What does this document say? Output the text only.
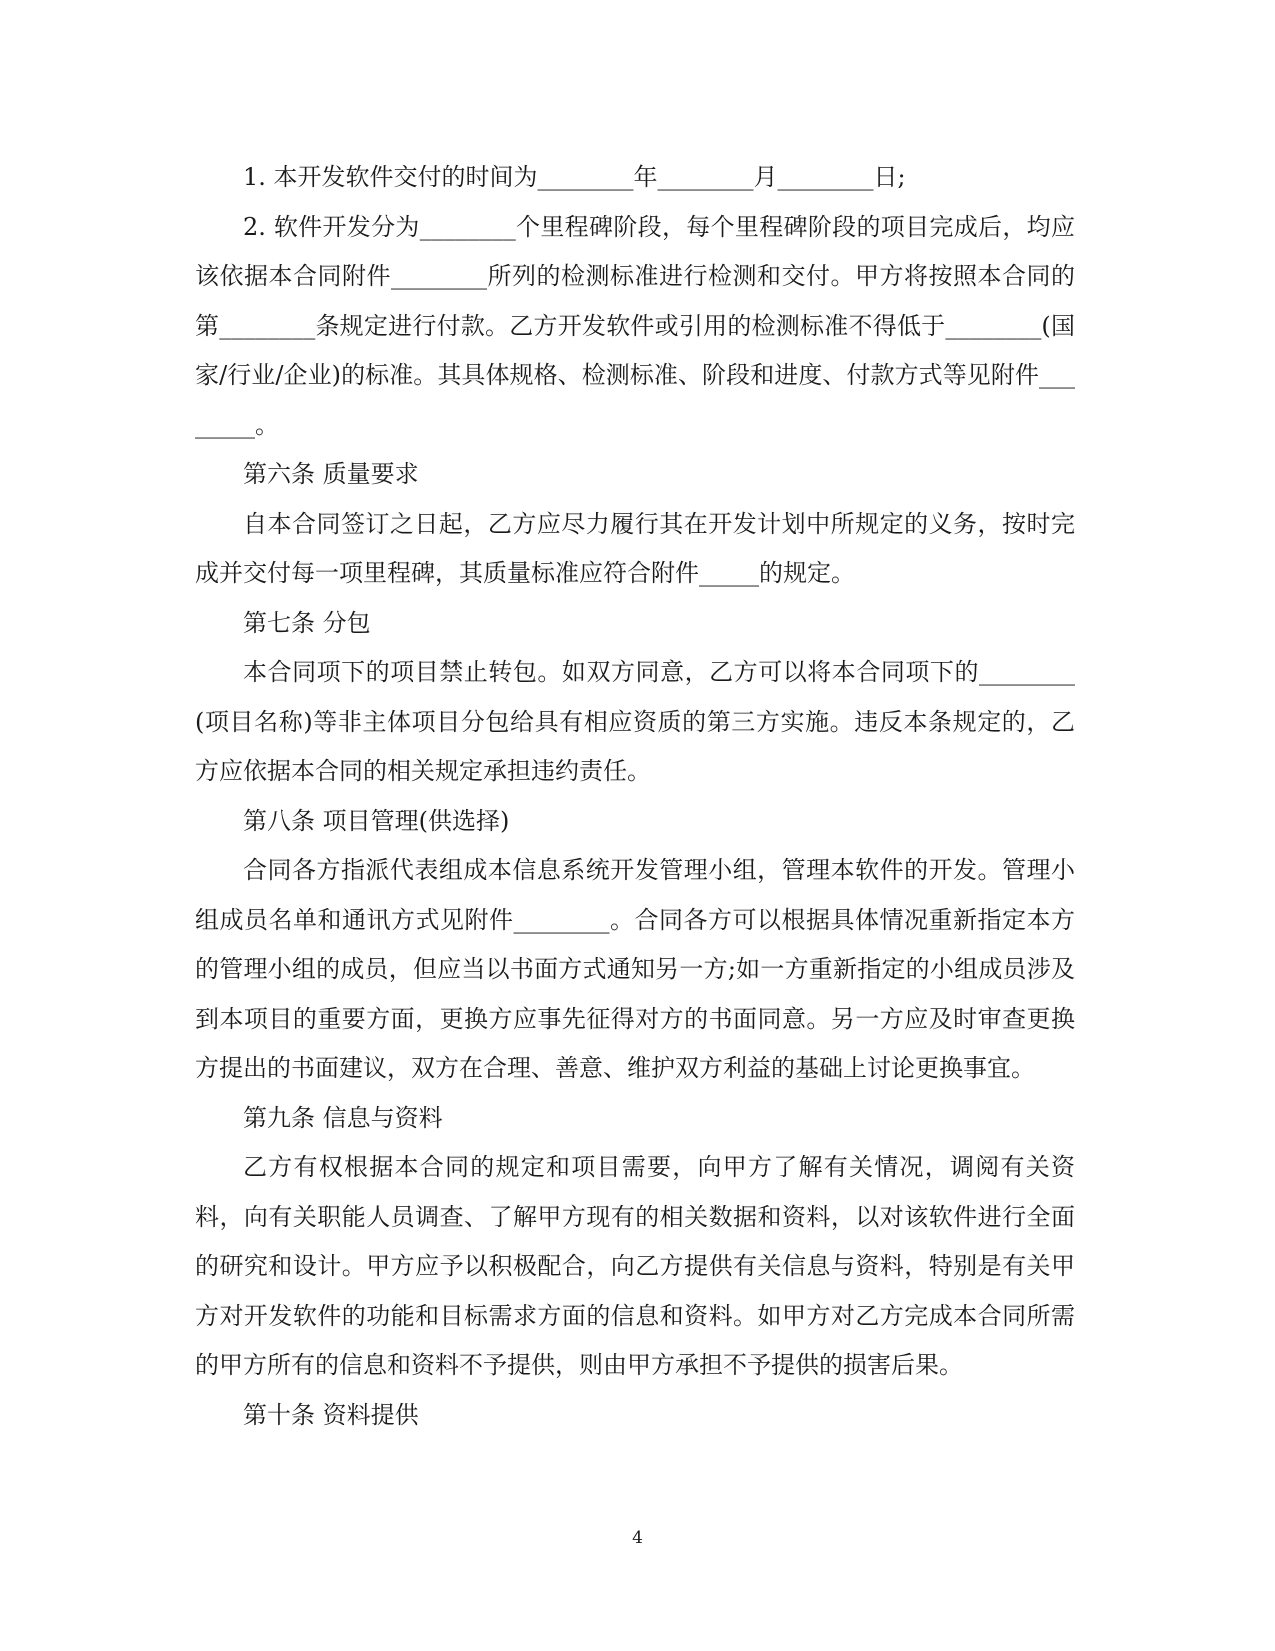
1. 本开发软件交付的时间为________年________月________日;

2. 软件开发分为________个里程碑阶段，每个里程碑阶段的项目完成后，均应该依据本合同附件________所列的检测标准进行检测和交付。甲方将按照本合同的第________条规定进行付款。乙方开发软件或引用的检测标准不得低于________(国家/行业/企业)的标准。其具体规格、检测标准、阶段和进度、付款方式等见附件________。

第六条 质量要求

自本合同签订之日起，乙方应尽力履行其在开发计划中所规定的义务，按时完成并交付每一项里程碑，其质量标准应符合附件_____的规定。

第七条 分包

本合同项下的项目禁止转包。如双方同意，乙方可以将本合同项下的________(项目名称)等非主体项目分包给具有相应资质的第三方实施。违反本条规定的，乙方应依据本合同的相关规定承担违约责任。

第八条 项目管理(供选择)

合同各方指派代表组成本信息系统开发管理小组，管理本软件的开发。管理小组成员名单和通讯方式见附件________。合同各方可以根据具体情况重新指定本方的管理小组的成员，但应当以书面方式通知另一方;如一方重新指定的小组成员涉及到本项目的重要方面，更换方应事先征得对方的书面同意。另一方应及时审查更换方提出的书面建议，双方在合理、善意、维护双方利益的基础上讨论更换事宜。

第九条 信息与资料

乙方有权根据本合同的规定和项目需要，向甲方了解有关情况，调阅有关资料，向有关职能人员调查、了解甲方现有的相关数据和资料，以对该软件进行全面的研究和设计。甲方应予以积极配合，向乙方提供有关信息与资料，特别是有关甲方对开发软件的功能和目标需求方面的信息和资料。如甲方对乙方完成本合同所需的甲方所有的信息和资料不予提供，则由甲方承担不予提供的损害后果。

第十条 资料提供

4
